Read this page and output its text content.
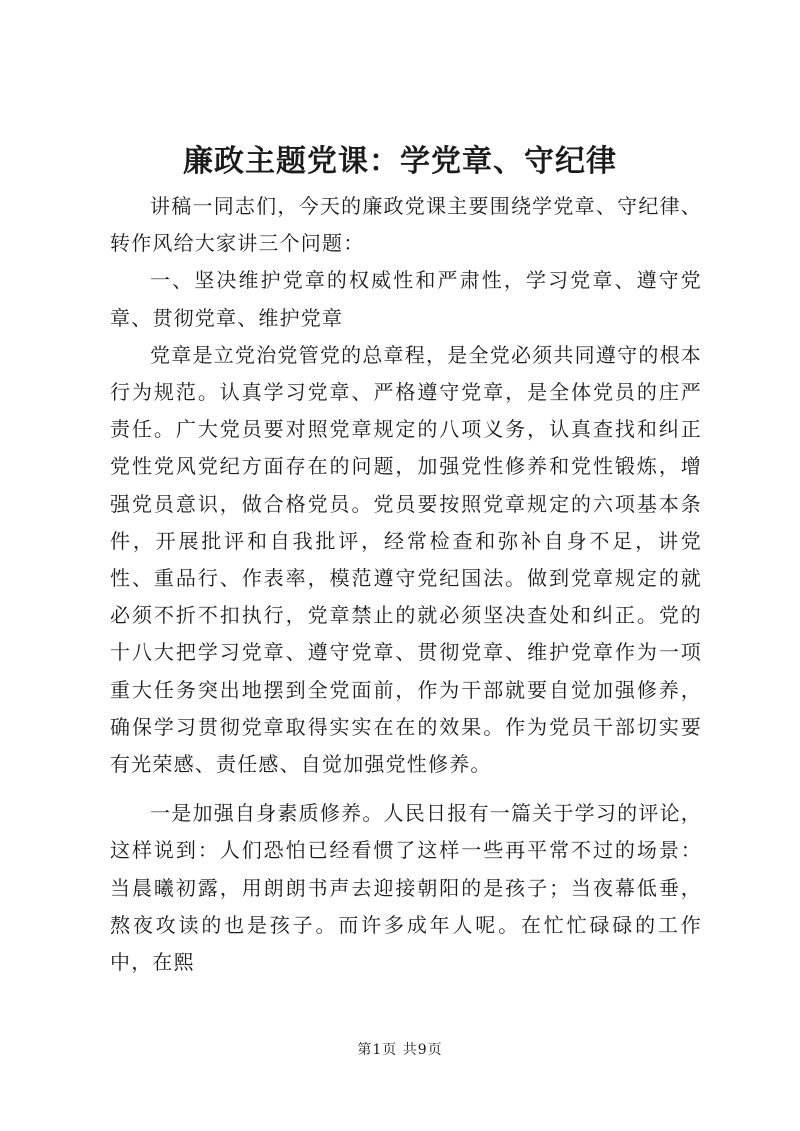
廉政主题党课：学党章、守纪律

讲稿一同志们，今天的廉政党课主要围绕学党章、守纪律、转作风给大家讲三个问题：

一、坚决维护党章的权威性和严肃性，学习党章、遵守党章、贯彻党章、维护党章

党章是立党治党管党的总章程，是全党必须共同遵守的根本行为规范。认真学习党章、严格遵守党章，是全体党员的庄严责任。广大党员要对照党章规定的八项义务，认真查找和纠正党性党风党纪方面存在的问题，加强党性修养和党性锻炼，增强党员意识，做合格党员。党员要按照党章规定的六项基本条件，开展批评和自我批评，经常检查和弥补自身不足，讲党性、重品行、作表率，模范遵守党纪国法。做到党章规定的就必须不折不扣执行，党章禁止的就必须坚决查处和纠正。党的十八大把学习党章、遵守党章、贯彻党章、维护党章作为一项重大任务突出地摆到全党面前，作为干部就要自觉加强修养，确保学习贯彻党章取得实实在在的效果。作为党员干部切实要有光荣感、责任感、自觉加强党性修养。

一是加强自身素质修养。人民日报有一篇关于学习的评论，这样说到：人们恐怕已经看惯了这样一些再平常不过的场景：当晨曦初露，用朗朗书声去迎接朝阳的是孩子；当夜幕低垂，熬夜攻读的也是孩子。而许多成年人呢。在忙忙碌碌的工作中，在熙

第1页 共9页
